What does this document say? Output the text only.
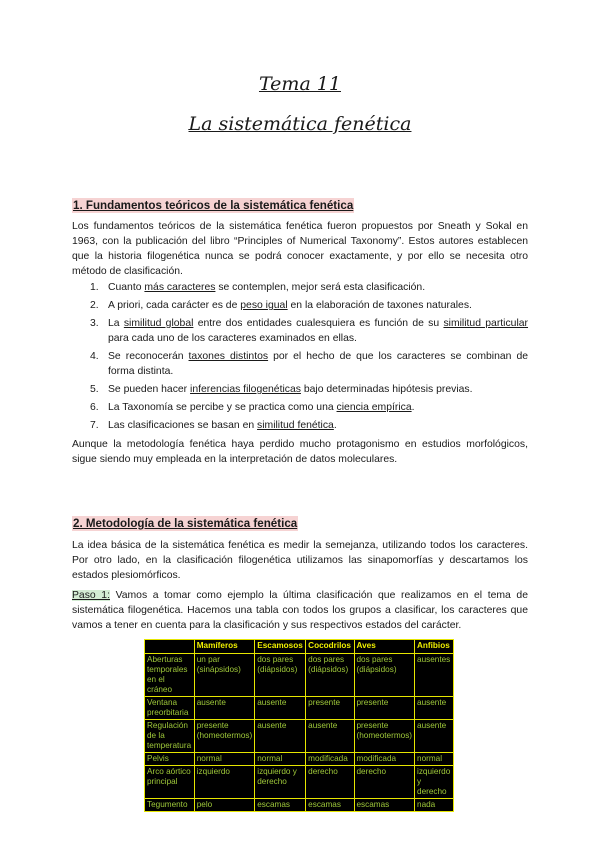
Tema 11
La sistemática fenética
1. Fundamentos teóricos de la sistemática fenética

Los fundamentos teóricos de la sistemática fenética fueron propuestos por Sneath y Sokal en 1963, con la publicación del libro “Principles of Numerical Taxonomy”. Estos autores establecen que la historia filogenética nunca se podrá conocer exactamente, y por ello se necesita otro método de clasificación.

1. Cuanto más caracteres se contemplen, mejor será esta clasificación.
2. A priori, cada carácter es de peso igual en la elaboración de taxones naturales.
3. La similitud global entre dos entidades cualesquiera es función de su similitud particular para cada uno de los caracteres examinados en ellas.
4. Se reconocerán taxones distintos por el hecho de que los caracteres se combinan de forma distinta.
5. Se pueden hacer inferencias filogenéticas bajo determinadas hipótesis previas.
6. La Taxonomía se percibe y se practica como una ciencia empírica.
7. Las clasificaciones se basan en similitud fenética.

Aunque la metodología fenética haya perdido mucho protagonismo en estudios morfológicos, sigue siendo muy empleada en la interpretación de datos moleculares.

2. Metodología de la sistemática fenética

La idea básica de la sistemática fenética es medir la semejanza, utilizando todos los caracteres. Por otro lado, en la clasificación filogenética utilizamos las sinapomorfías y descartamos los estados plesiomórficos.

Paso 1: Vamos a tomar como ejemplo la última clasificación que realizamos en el tema de sistemática filogenética. Hacemos una tabla con todos los grupos a clasificar, los caracteres que vamos a tener en cuenta para la clasificación y sus respectivos estados del carácter.

	Mamíferos	Escamosos	Cocodrilos	Aves	Anfibios
Aberturas temporales en el cráneo	un par (sinápsidos)	dos pares (diápsidos)	dos pares (diápsidos)	dos pares (diápsidos)	ausentes
Ventana preorbitaria	ausente	ausente	presente	presente	ausente
Regulación de la temperatura	presente (homeotermos)	ausente	ausente	presente (homeotermos)	ausente
Pelvis	normal	normal	modificada	modificada	normal
Arco aórtico principal	izquierdo	izquierdo y derecho	derecho	derecho	izquierdo y derecho
Tegumento	pelo	escamas	escamas	escamas	nada
